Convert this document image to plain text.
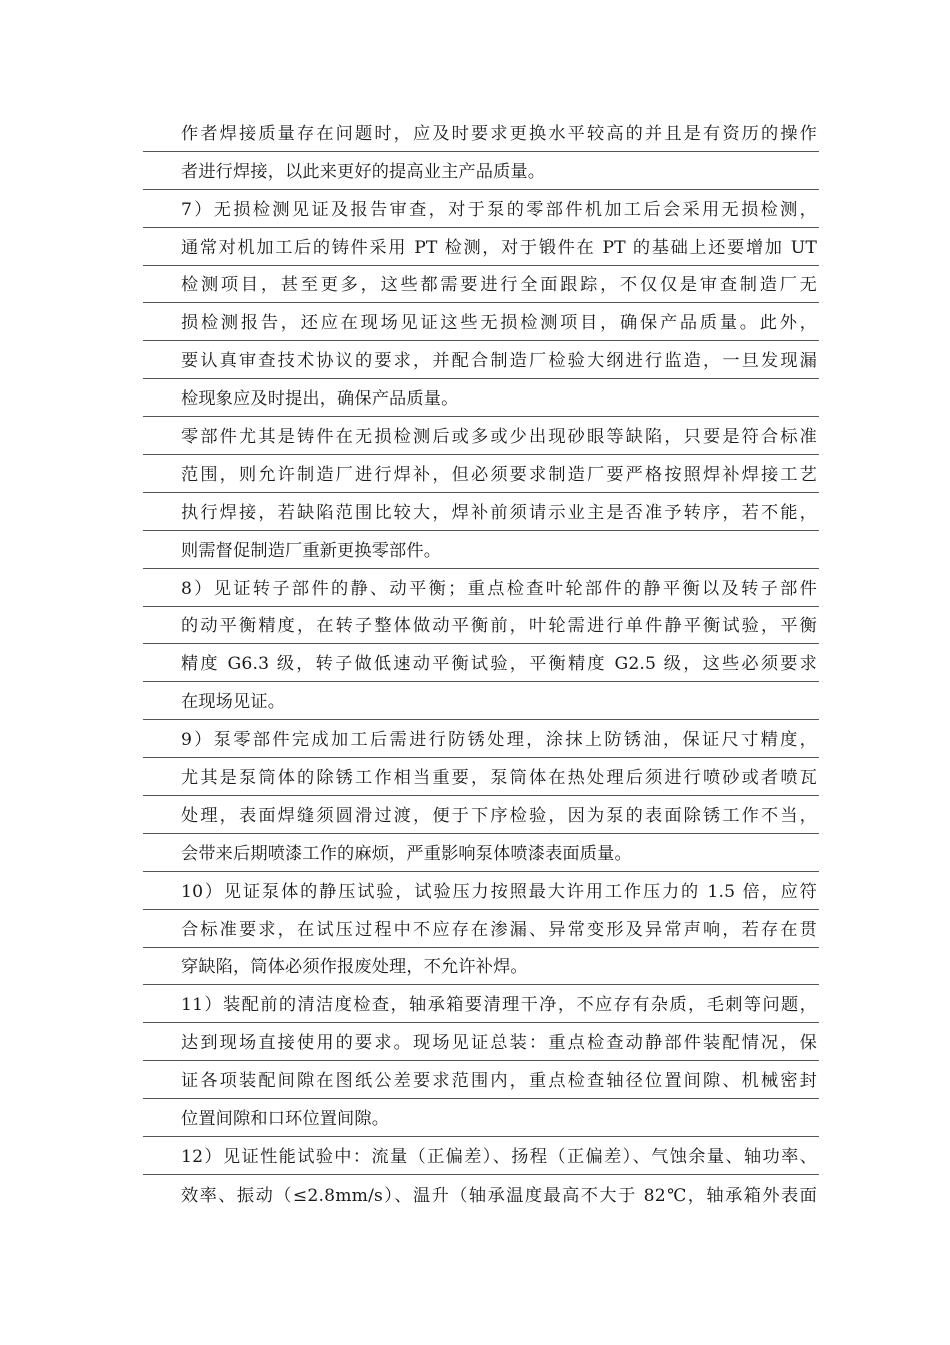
作者焊接质量存在问题时，应及时要求更换水平较高的并且是有资历的操作
者进行焊接，以此来更好的提高业主产品质量。
7）无损检测见证及报告审查，对于泵的零部件机加工后会采用无损检测，
通常对机加工后的铸件采用 PT 检测，对于锻件在 PT 的基础上还要增加 UT
检测项目，甚至更多，这些都需要进行全面跟踪，不仅仅是审查制造厂无
损检测报告，还应在现场见证这些无损检测项目，确保产品质量。此外，
要认真审查技术协议的要求，并配合制造厂检验大纲进行监造，一旦发现漏
检现象应及时提出，确保产品质量。
零部件尤其是铸件在无损检测后或多或少出现砂眼等缺陷，只要是符合标准
范围，则允许制造厂进行焊补，但必须要求制造厂要严格按照焊补焊接工艺
执行焊接，若缺陷范围比较大，焊补前须请示业主是否准予转序，若不能，
则需督促制造厂重新更换零部件。
8）见证转子部件的静、动平衡；重点检查叶轮部件的静平衡以及转子部件
的动平衡精度，在转子整体做动平衡前，叶轮需进行单件静平衡试验，平衡
精度 G6.3 级，转子做低速动平衡试验，平衡精度 G2.5 级，这些必须要求
在现场见证。
9）泵零部件完成加工后需进行防锈处理，涂抹上防锈油，保证尺寸精度，
尤其是泵筒体的除锈工作相当重要，泵筒体在热处理后须进行喷砂或者喷瓦
处理，表面焊缝须圆滑过渡，便于下序检验，因为泵的表面除锈工作不当，
会带来后期喷漆工作的麻烦，严重影响泵体喷漆表面质量。
10）见证泵体的静压试验，试验压力按照最大许用工作压力的 1.5 倍，应符
合标准要求，在试压过程中不应存在渗漏、异常变形及异常声响，若存在贯
穿缺陷，筒体必须作报废处理，不允许补焊。
11）装配前的清洁度检查，轴承箱要清理干净，不应存有杂质，毛刺等问题，
达到现场直接使用的要求。现场见证总装：重点检查动静部件装配情况，保
证各项装配间隙在图纸公差要求范围内，重点检查轴径位置间隙、机械密封
位置间隙和口环位置间隙。
12）见证性能试验中：流量（正偏差）、扬程（正偏差）、气蚀余量、轴功率、
效率、振动（≤2.8mm/s）、温升（轴承温度最高不大于 82℃，轴承箱外表面
